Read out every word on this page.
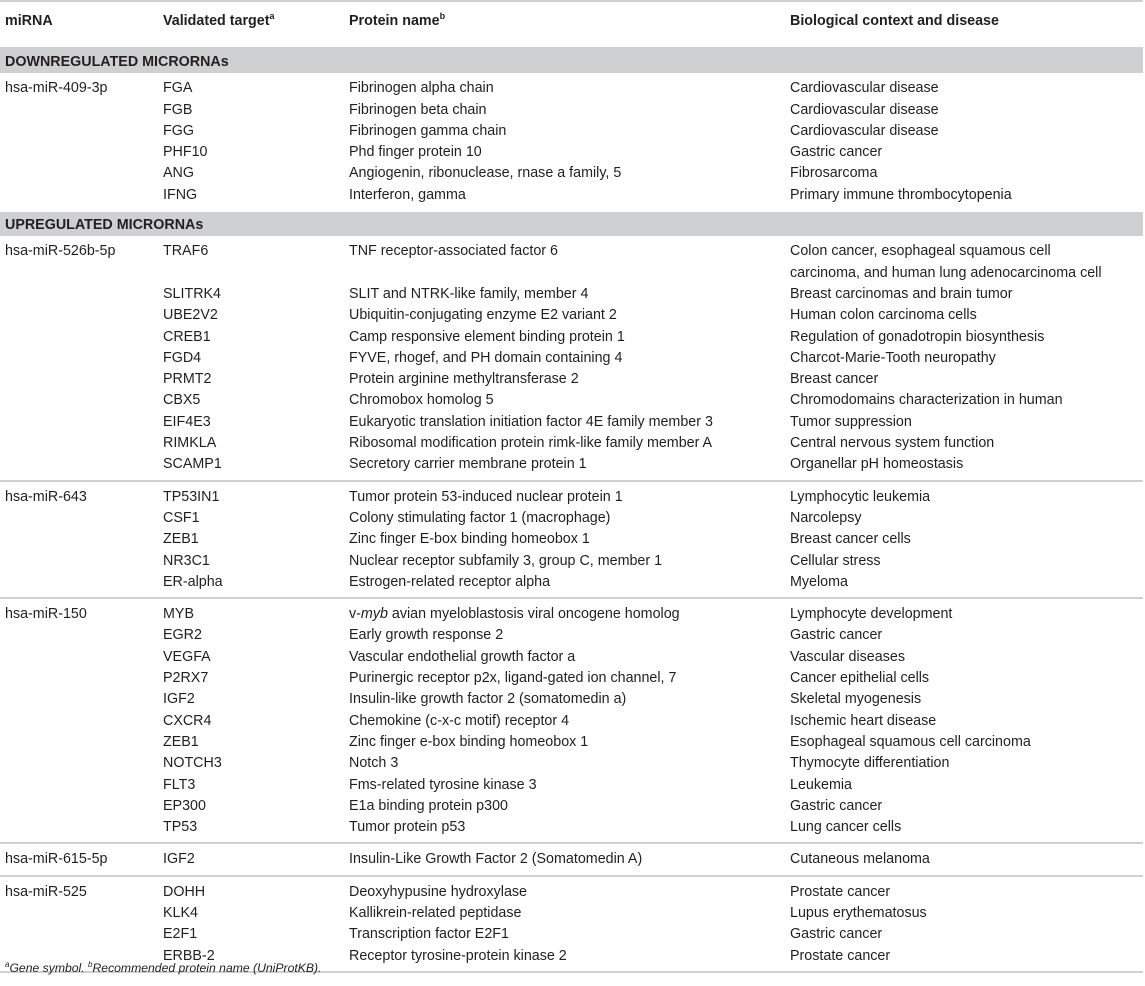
miRNA	Validated target$^a$	Protein name$^b$	Biological context and disease
DOWNREGULATED MICRORNAs			
hsa-miR-409-3p	FGA	Fibrinogen alpha chain	Cardiovascular disease

	FGB	Fibrinogen beta chain	Cardiovascular disease

	FGG	Fibrinogen gamma chain	Cardiovascular disease

	PHF10	Phd finger protein 10	Gastric cancer

	ANG	Angiogenin, ribonuclease, rnase a family, 5	Fibrosarcoma

	IFNG	Interferon, gamma	Primary immune thrombocytopenia

UPREGULATED MICRORNAs			
hsa-miR-526b-5p	TRAF6	TNF receptor-associated factor 6	Colon cancer, esophageal squamous cell
carcinoma, and human lung adenocarcinoma cell

	SLITRK4	SLIT and NTRK-like family, member 4	Breast carcinomas and brain tumor

	UBE2V2	Ubiquitin-conjugating enzyme E2 variant 2	Human colon carcinoma cells

	CREB1	Camp responsive element binding protein 1	Regulation of gonadotropin biosynthesis

	FGD4	FYVE, rhogef, and PH domain containing 4	Charcot-Marie-Tooth neuropathy

	PRMT2	Protein arginine methyltransferase 2	Breast cancer

	CBX5	Chromobox homolog 5	Chromodomains characterization in human

	EIF4E3	Eukaryotic translation initiation factor 4E family member 3	Tumor suppression

	RIMKLA	Ribosomal modification protein rimk-like family member A	Central nervous system function

	SCAMP1	Secretory carrier membrane protein 1	Organellar pH homeostasis

hsa-miR-643	TP53IN1	Tumor protein 53-induced nuclear protein 1	Lymphocytic leukemia

	CSF1	Colony stimulating factor 1 (macrophage)	Narcolepsy

	ZEB1	Zinc finger E-box binding homeobox 1	Breast cancer cells

	NR3C1	Nuclear receptor subfamily 3, group C, member 1	Cellular stress

	ER-alpha	Estrogen-related receptor alpha	Myeloma

hsa-miR-150	MYB	v-myb avian myeloblastosis viral oncogene homolog	Lymphocyte development

	EGR2	Early growth response 2	Gastric cancer

	VEGFA	Vascular endothelial growth factor a	Vascular diseases

	P2RX7	Purinergic receptor p2x, ligand-gated ion channel, 7	Cancer epithelial cells

	IGF2	Insulin-like growth factor 2 (somatomedin a)	Skeletal myogenesis

	CXCR4	Chemokine (c-x-c motif) receptor 4	Ischemic heart disease

	ZEB1	Zinc finger e-box binding homeobox 1	Esophageal squamous cell carcinoma

	NOTCH3	Notch 3	Thymocyte differentiation

	FLT3	Fms-related tyrosine kinase 3	Leukemia

	EP300	E1a binding protein p300	Gastric cancer

	TP53	Tumor protein p53	Lung cancer cells

hsa-miR-615-5p	IGF2	Insulin-Like Growth Factor 2 (Somatomedin A)	Cutaneous melanoma

hsa-miR-525	DOHH	Deoxyhypusine hydroxylase	Prostate cancer

	KLK4	Kallikrein-related peptidase	Lupus erythematosus

	E2F1	Transcription factor E2F1	Gastric cancer

	ERBB-2	Receptor tyrosine-protein kinase 2	Prostate cancer
$^a$Gene symbol. $^b$Recommended protein name (UniProtKB).
